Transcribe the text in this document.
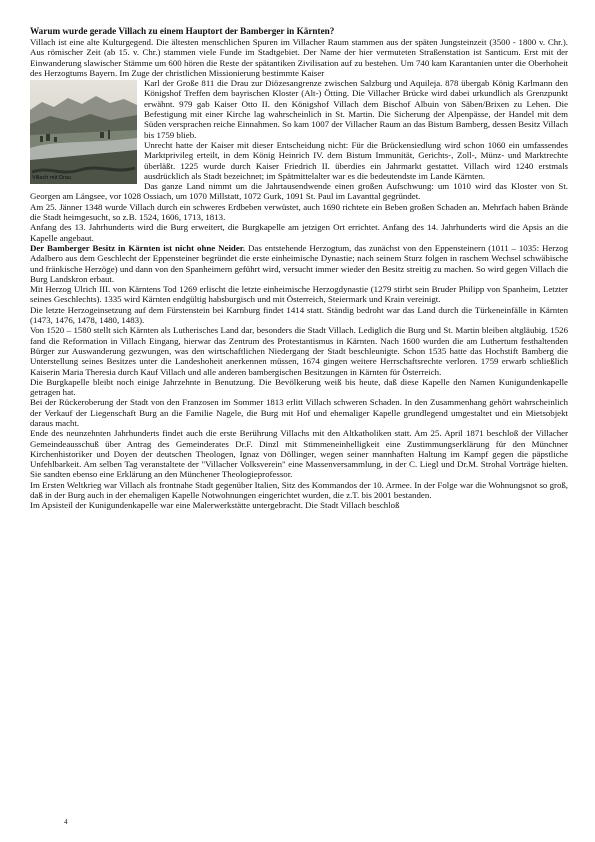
Warum wurde gerade Villach zu einem Hauptort der Bamberger in Kärnten?

Villach ist eine alte Kulturgegend. Die ältesten menschlichen Spuren im Villacher Raum stammen aus der späten Jungsteinzeit (3500 - 1800 v. Chr.). Aus römischer Zeit (ab 15. v. Chr.) stammen viele Funde im Stadtgebiet. Der Name der hier vermuteten Straßenstation ist Santicum. Erst mit der Einwanderung slawischer Stämme um 600 hören die Reste der spätantiken Zivilisation auf zu bestehen. Um 740 kam Karantanien unter die Oberhoheit des Herzogtums Bayern. Im Zuge der christlichen Missionierung bestimmte Kaiser

Villach mit Drau

Karl der Große 811 die Drau zur Diözesangrenze zwischen Salzburg und Aquileja. 878 übergab König Karlmann den Königshof Treffen dem bayrischen Kloster (Alt-) Ötting. Die Villacher Brücke wird dabei urkundlich als Grenzpunkt erwähnt. 979 gab Kaiser Otto II. den Königshof Villach dem Bischof Albuin von Säben/Brixen zu Lehen. Die Befestigung mit einer Kirche lag wahrscheinlich in St. Martin. Die Sicherung der Alpenpässe, der Handel mit dem Süden versprachen reiche Einnahmen. So kam 1007 der Villacher Raum an das Bistum Bamberg, dessen Besitz Villach bis 1759 blieb.

Unrecht hatte der Kaiser mit dieser Entscheidung nicht: Für die Brückensiedlung wird schon 1060 ein umfassendes Marktprivileg erteilt, in dem König Heinrich IV. dem Bistum Immunität, Gerichts-, Zoll-, Münz- und Marktrechte überläßt. 1225 wurde durch Kaiser Friedrich II. überdies ein Jahrmarkt gestattet. Villach wird 1240 erstmals ausdrücklich als Stadt bezeichnet; im Spätmittelalter war es die bedeutendste im Lande Kärnten.

Das ganze Land nimmt um die Jahrtausendwende einen großen Aufschwung: um 1010 wird das Kloster von St. Georgen am Längsee, vor 1028 Ossiach, um 1070 Millstatt, 1072 Gurk, 1091 St. Paul im Lavanttal gegründet.

Am 25. Jänner 1348 wurde Villach durch ein schweres Erdbeben verwüstet, auch 1690 richtete ein Beben großen Schaden an. Mehrfach haben Brände die Stadt heimgesucht, so z.B. 1524, 1606, 1713, 1813.

Anfang des 13. Jahrhunderts wird die Burg erweitert, die Burgkapelle am jetzigen Ort errichtet. Anfang des 14. Jahrhunderts wird die Apsis an die Kapelle angebaut.

Der Bamberger Besitz in Kärnten ist nicht ohne Neider. Das entstehende Herzogtum, das zunächst von den Eppensteinern (1011 – 1035: Herzog Adalbero aus dem Geschlecht der Eppensteiner begründet die erste einheimische Dynastie; nach seinem Sturz folgen in raschem Wechsel schwäbische und fränkische Herzöge) und dann von den Spanheimern geführt wird, versucht immer wieder den Besitz streitig zu machen. So wird gegen Villach die Burg Landskron erbaut.

Mit Herzog Ulrich III. von Kärntens Tod 1269 erlischt die letzte einheimische Herzogdynastie (1279 stirbt sein Bruder Philipp von Spanheim, Letzter seines Geschlechts). 1335 wird Kärnten endgültig habsburgisch und mit Österreich, Steiermark und Krain vereinigt.

Die letzte Herzogeinsetzung auf dem Fürstenstein bei Karnburg findet 1414 statt. Ständig bedroht war das Land durch die Türkeneinfälle in Kärnten (1473, 1476, 1478, 1480, 1483).

Von 1520 – 1580 stellt sich Kärnten als Lutherisches Land dar, besonders die Stadt Villach. Lediglich die Burg und St. Martin bleiben altgläubig. 1526 fand die Reformation in Villach Eingang, hierwar das Zentrum des Protestantismus in Kärnten. Nach 1600 wurden die am Luthertum festhaltenden Bürger zur Auswanderung gezwungen, was den wirtschaftlichen Niedergang der Stadt beschleunigte. Schon 1535 hatte das Hochstift Bamberg die Unterstellung seines Besitzes unter die Landeshoheit anerkennen müssen, 1674 gingen weitere Herrschaftsrechte verloren. 1759 erwarb schließlich Kaiserin Maria Theresia durch Kauf Villach und alle anderen bambergischen Besitzungen in Kärnten für Österreich.

Die Burgkapelle bleibt noch einige Jahrzehnte in Benutzung. Die Bevölkerung weiß bis heute, daß diese Kapelle den Namen Kunigundenkapelle getragen hat.

Bei der Rückeroberung der Stadt von den Franzosen im Sommer 1813 erlitt Villach schweren Schaden. In den Zusammenhang gehört wahrscheinlich der Verkauf der Liegenschaft Burg an die Familie Nagele, die Burg mit Hof und ehemaliger Kapelle grundlegend umgestaltet und ein Mietsobjekt daraus macht.

Ende des neunzehnten Jahrhunderts findet auch die erste Berührung Villachs mit den Altkatholiken statt. Am 25. April 1871 beschloß der Villacher Gemeindeausschuß über Antrag des Gemeinderates Dr.F. Dinzl mit Stimmeneinhelligkeit eine Zustimmungserklärung für den Münchner Kirchenhistoriker und Doyen der deutschen Theologen, Ignaz von Döllinger, wegen seiner mannhaften Haltung im Kampf gegen die päpstliche Unfehlbarkeit. Am selben Tag veranstaltete der "Villacher Volksverein" eine Massenversammlung, in der C. Liegl und Dr.M. Strohal Vorträge hielten. Sie sandten ebenso eine Erklärung an den Münchener Theologieprofessor.

Im Ersten Weltkrieg war Villach als frontnahe Stadt gegenüber Italien, Sitz des Kommandos der 10. Armee. In der Folge war die Wohnungsnot so groß, daß in der Burg auch in der ehemaligen Kapelle Notwohnungen eingerichtet wurden, die z.T. bis 2001 bestanden.

Im Apsisteil der Kunigundenkapelle war eine Malerwerkstätte untergebracht. Die Stadt Villach beschloß

4
